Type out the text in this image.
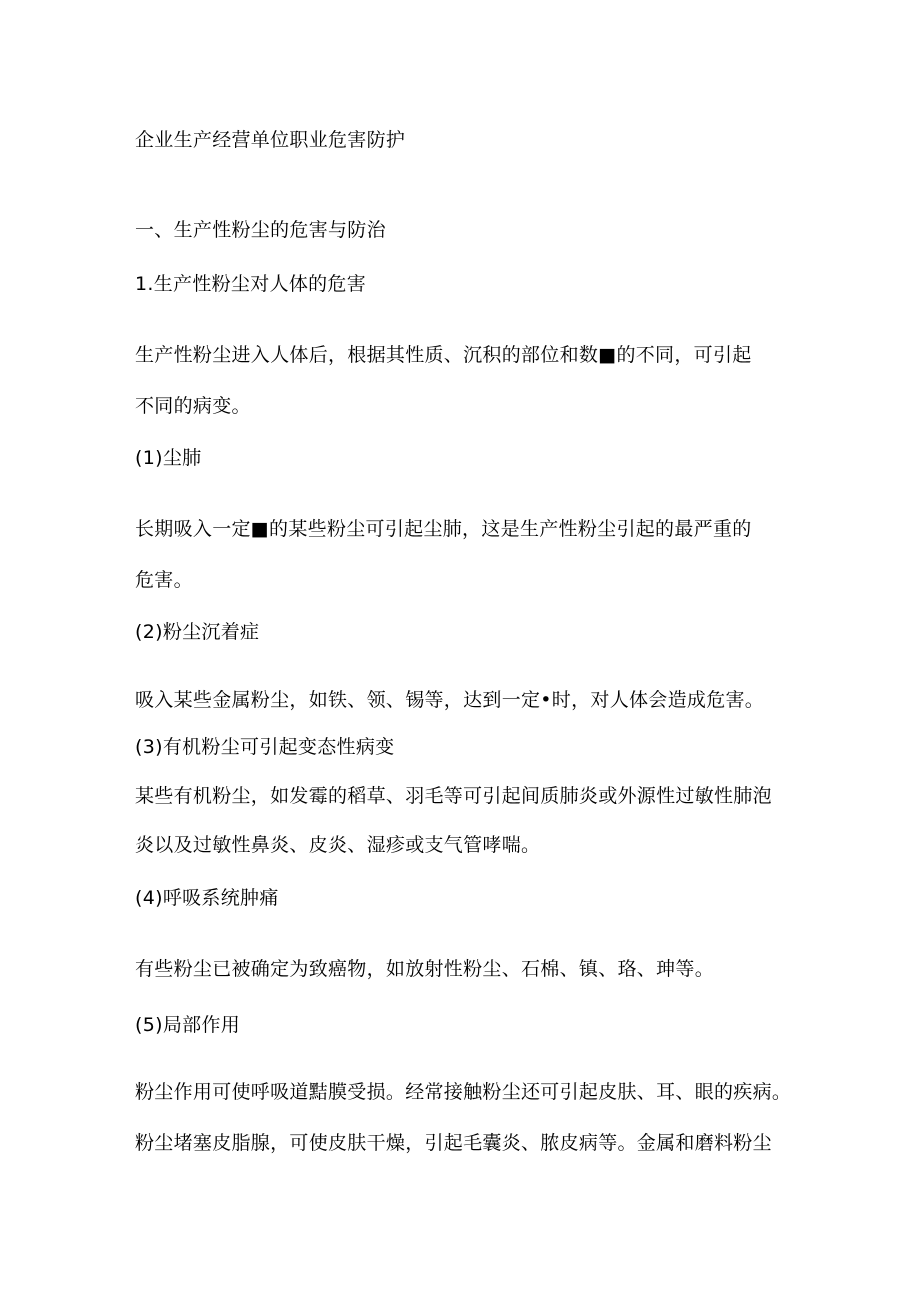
企业生产经营单位职业危害防护
一、生产性粉尘的危害与防治
1.生产性粉尘对人体的危害
生产性粉尘进入人体后，根据其性质、沉积的部位和数■的不同，可引起
不同的病变。
(1)尘肺
长期吸入一定■的某些粉尘可引起尘肺，这是生产性粉尘引起的最严重的
危害。
(2)粉尘沉着症
吸入某些金属粉尘，如铁、领、锡等，达到一定•时，对人体会造成危害。
(3)有机粉尘可引起变态性病变
某些有机粉尘，如发霉的稻草、羽毛等可引起间质肺炎或外源性过敏性肺泡
炎以及过敏性鼻炎、皮炎、湿疹或支气管哮喘。
(4)呼吸系统肿痛
有些粉尘已被确定为致癌物，如放射性粉尘、石棉、镇、珞、珅等。
(5)局部作用
粉尘作用可使呼吸道黠膜受损。经常接触粉尘还可引起皮肤、耳、眼的疾病。
粉尘堵塞皮脂腺，可使皮肤干燥，引起毛囊炎、脓皮病等。金属和磨料粉尘
